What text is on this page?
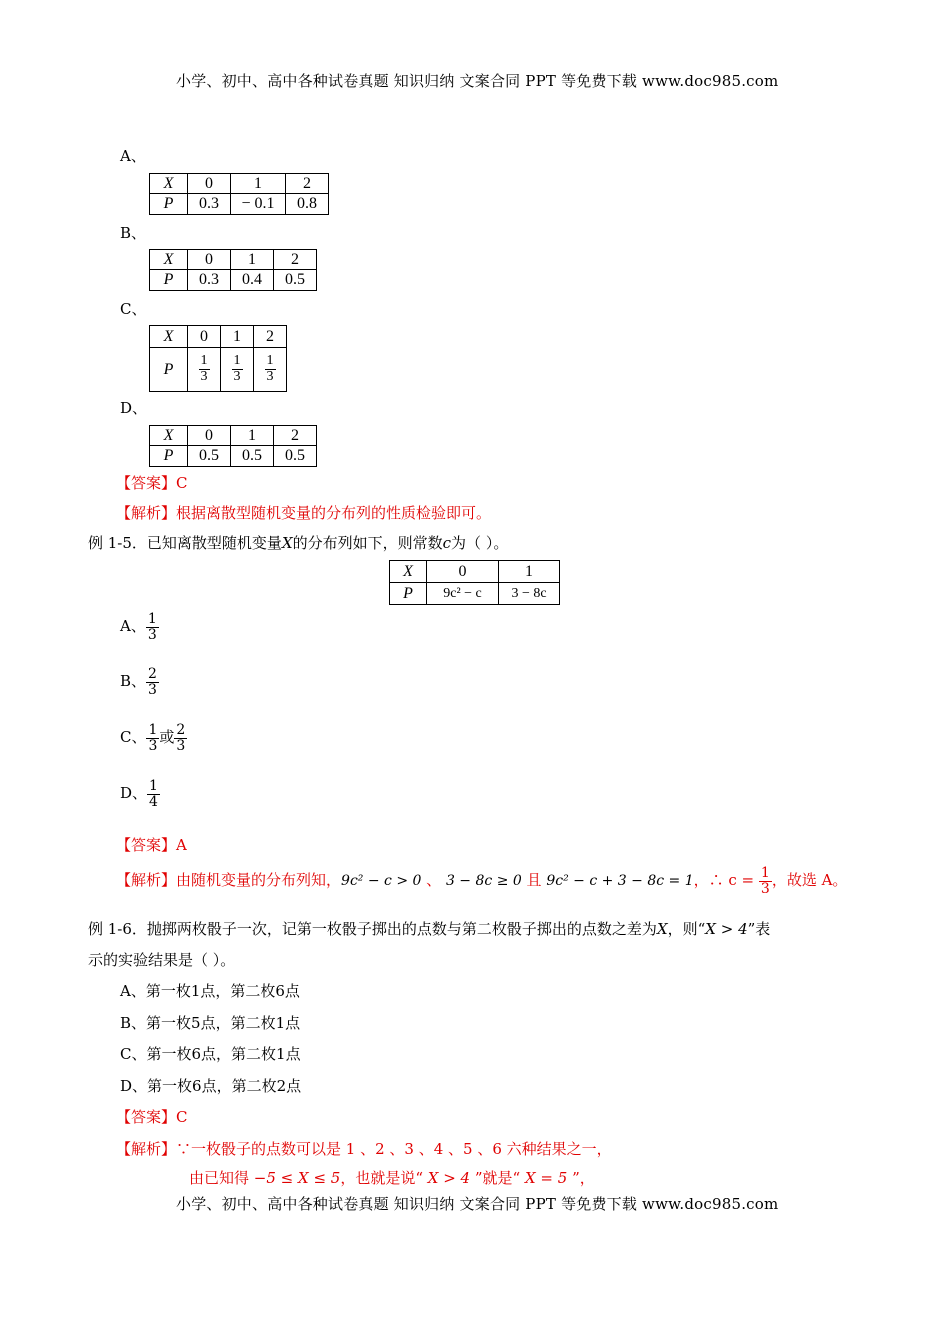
小学、初中、高中各种试卷真题 知识归纳 文案合同 PPT 等免费下载 www.doc985.com
A、
X	0	1	2
P	0.3	− 0.1	0.8
B、
X	0	1	2
P	0.3	0.4	0.5
C、
X	0	1	2
P	$\frac{1}{3}$	$\frac{1}{3}$	$\frac{1}{3}$
D、
X	0	1	2
P	0.5	0.5	0.5
【答案】C
【解析】根据离散型随机变量的分布列的性质检验即可。
例 1-5．已知离散型随机变量X的分布列如下，则常数c为（ ）。
X	0	1
P	9c² − c	3 − 8c
A、 $\frac{1}{3}$
B、 $\frac{2}{3}$
C、 $\frac{1}{3}$ 或 $\frac{2}{3}$
D、 $\frac{1}{4}$
【答案】A
【解析】由随机变量的分布列知，9c² − c > 0 、 3 − 8c ≥ 0 且 9c² − c + 3 − 8c = 1，∴ $c = \frac{1}{3}$ ，故选 A。
例 1-6．抛掷两枚骰子一次，记第一枚骰子掷出的点数与第二枚骰子掷出的点数之差为X，则“X > 4”表
示的实验结果是（ ）。
A、第一枚1点，第二枚6点
B、第一枚5点，第二枚1点
C、第一枚6点，第二枚1点
D、第一枚6点，第二枚2点
【答案】C
【解析】∵一枚骰子的点数可以是 1 、2 、3 、4 、5 、6 六种结果之一，
由已知得 −5 ≤ X ≤ 5，也就是说“ X > 4 ”就是“ X = 5 ”，
小学、初中、高中各种试卷真题 知识归纳 文案合同 PPT 等免费下载 www.doc985.com
